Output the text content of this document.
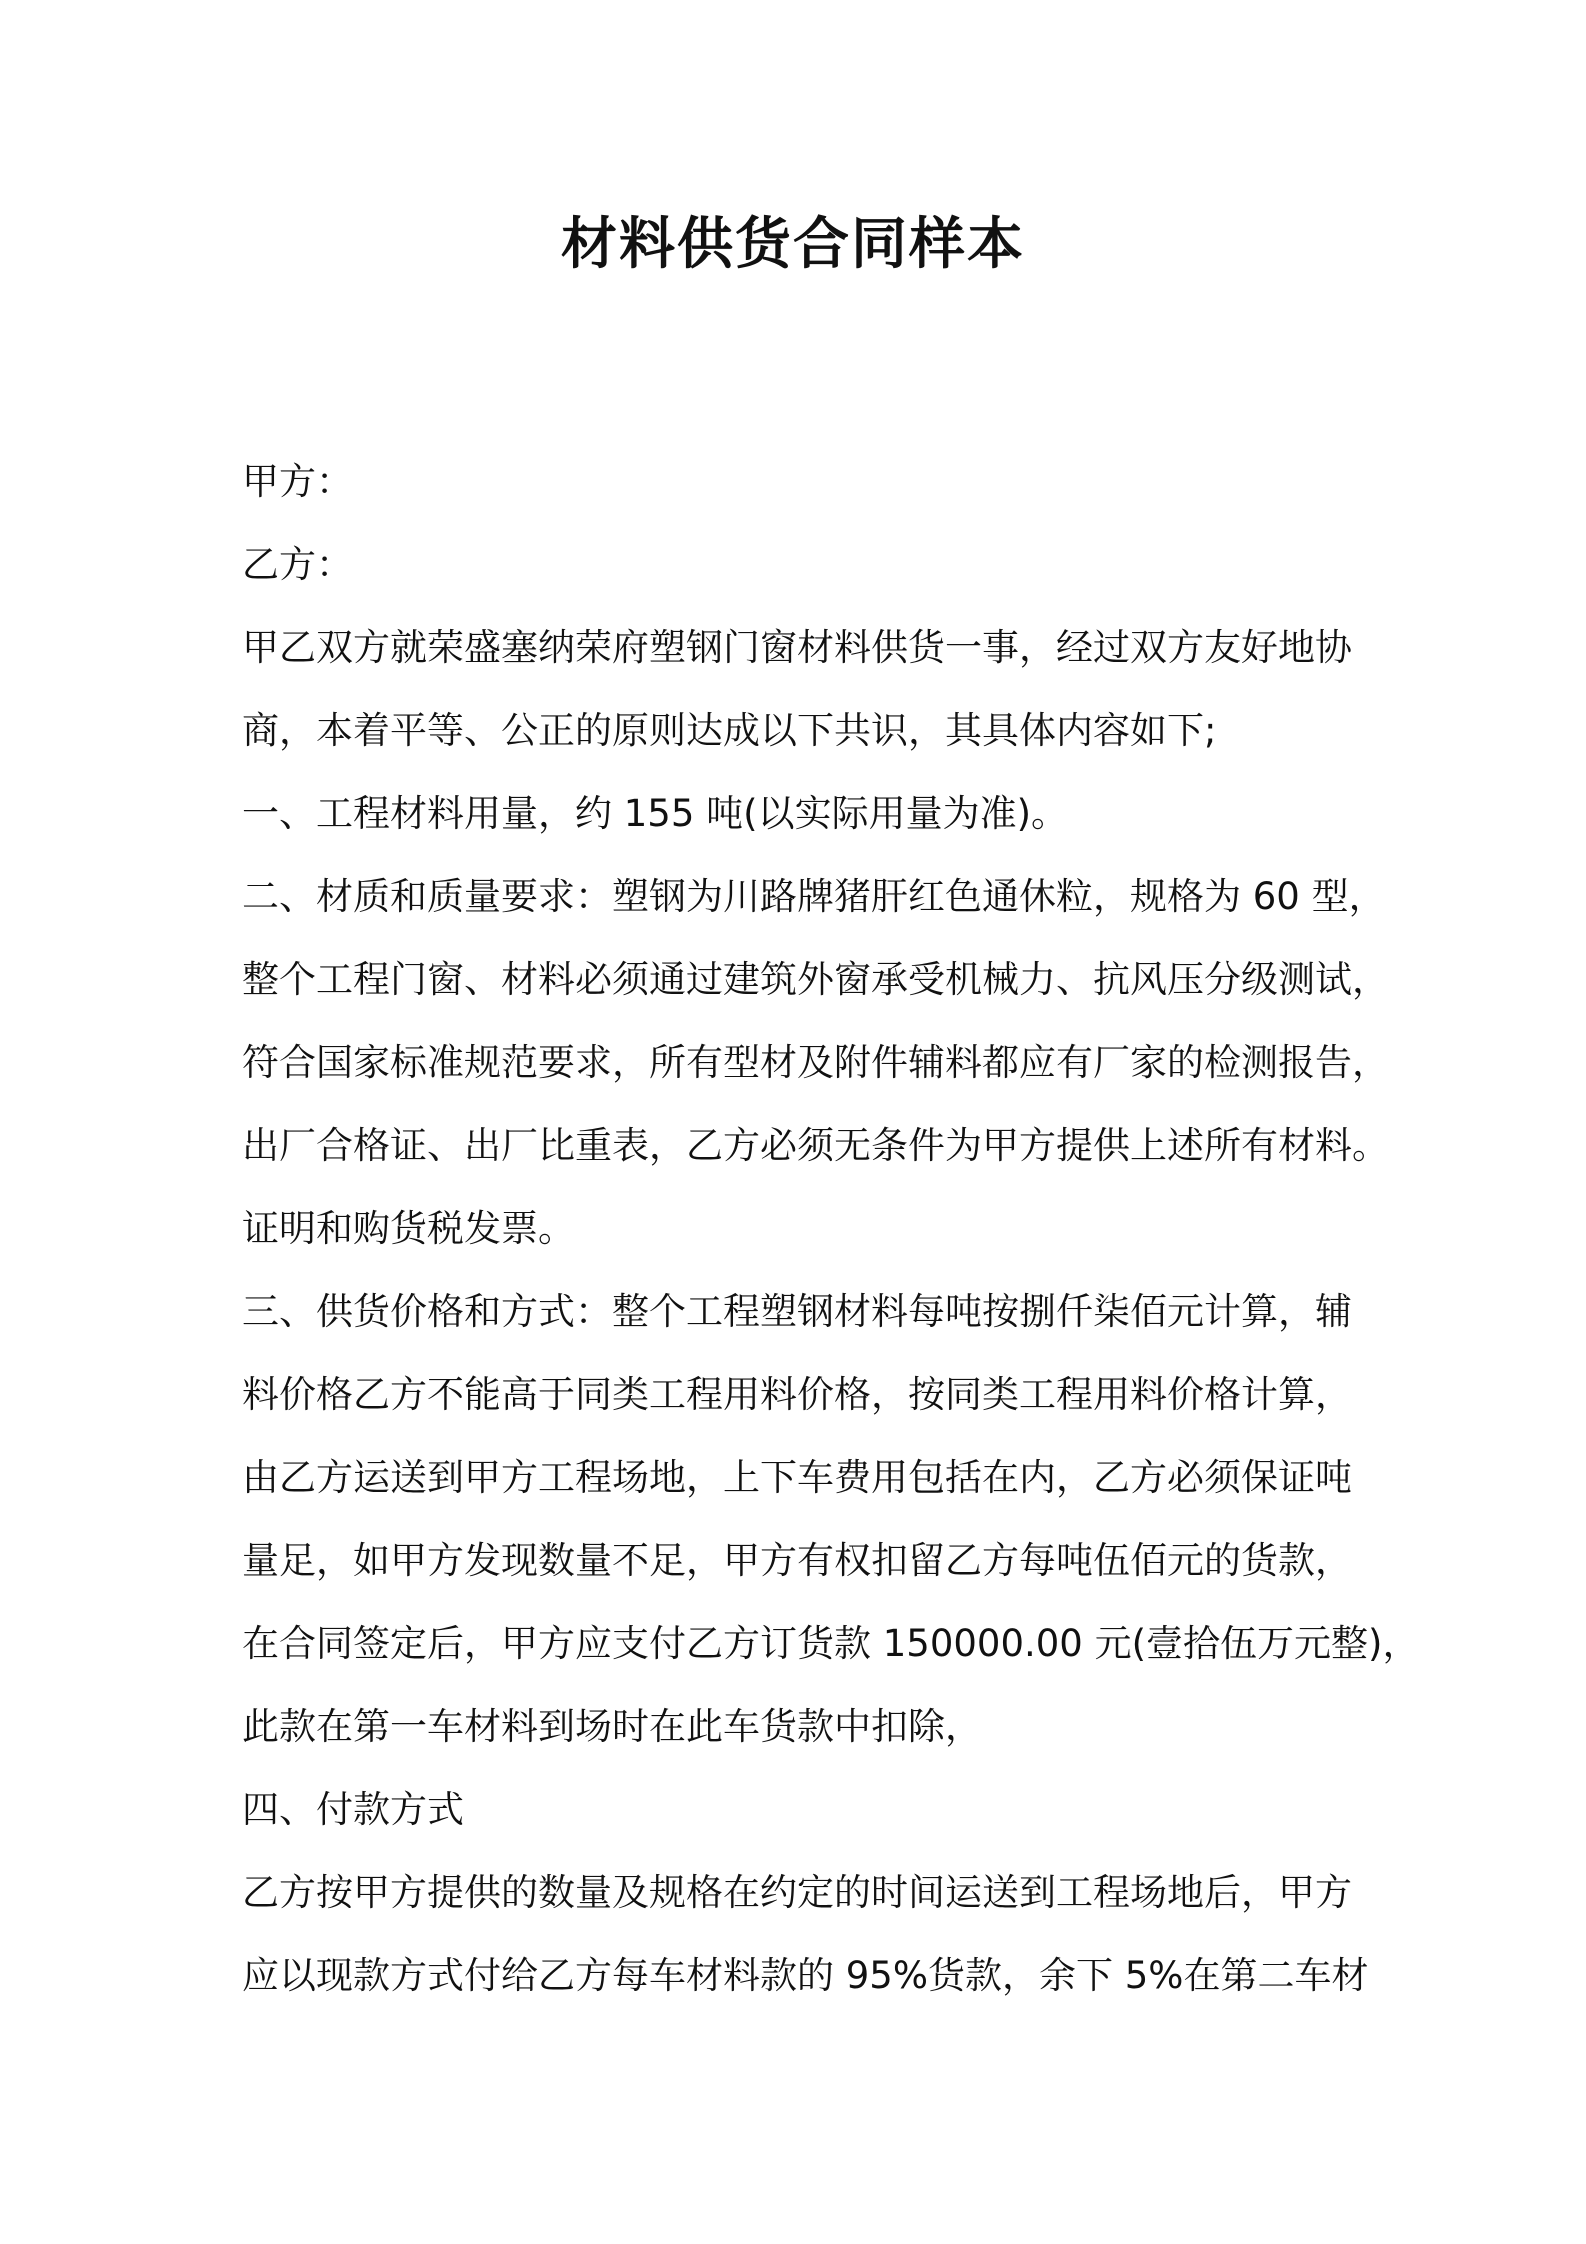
材料供货合同样本

甲方：

乙方：

甲乙双方就荣盛塞纳荣府塑钢门窗材料供货一事，经过双方友好地协

商，本着平等、公正的原则达成以下共识，其具体内容如下;

一、工程材料用量，约 155 吨(以实际用量为准)。

二、材质和质量要求：塑钢为川路牌猪肝红色通休粒，规格为 60 型，

整个工程门窗、材料必须通过建筑外窗承受机械力、抗风压分级测试，

符合国家标准规范要求，所有型材及附件辅料都应有厂家的检测报告，

出厂合格证、出厂比重表，乙方必须无条件为甲方提供上述所有材料。

证明和购货税发票。

三、供货价格和方式：整个工程塑钢材料每吨按捌仟柒佰元计算，辅

料价格乙方不能高于同类工程用料价格，按同类工程用料价格计算，

由乙方运送到甲方工程场地，上下车费用包括在内，乙方必须保证吨

量足，如甲方发现数量不足，甲方有权扣留乙方每吨伍佰元的货款，

在合同签定后，甲方应支付乙方订货款 150000.00 元(壹拾伍万元整)，

此款在第一车材料到场时在此车货款中扣除，

四、付款方式

乙方按甲方提供的数量及规格在约定的时间运送到工程场地后，甲方

应以现款方式付给乙方每车材料款的 95%货款，余下 5%在第二车材
